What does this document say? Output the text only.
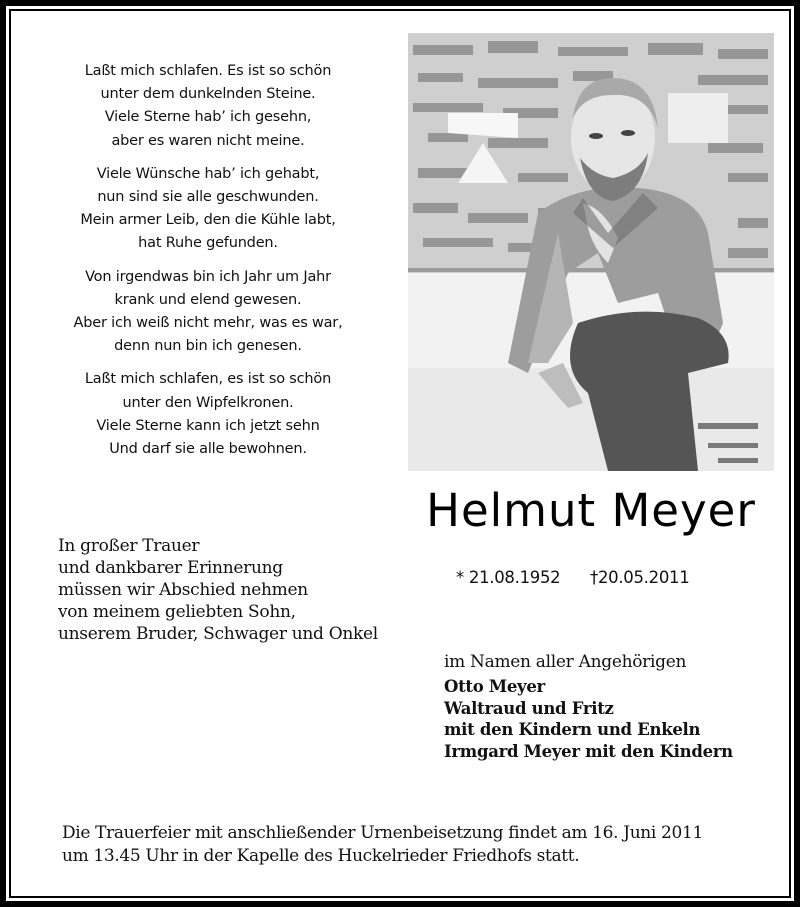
Laßt mich schlafen. Es ist so schön
unter dem dunkelnden Steine.
Viele Sterne hab’ ich gesehn,
aber es waren nicht meine.
Viele Wünsche hab’ ich gehabt,
nun sind sie alle geschwunden.
Mein armer Leib, den die Kühle labt,
hat Ruhe gefunden.
Von irgendwas bin ich Jahr um Jahr
krank und elend gewesen.
Aber ich weiß nicht mehr, was es war,
denn nun bin ich genesen.
Laßt mich schlafen, es ist so schön
unter den Wipfelkronen.
Viele Sterne kann ich jetzt sehn
Und darf sie alle bewohnen.
Helmut Meyer
* 21.08.1952 †20.05.2011
In großer Trauer
und dankbarer Erinnerung
müssen wir Abschied nehmen
von meinem geliebten Sohn,
unserem Bruder, Schwager und Onkel
im Namen aller Angehörigen
Otto Meyer
Waltraud und Fritz
mit den Kindern und Enkeln
Irmgard Meyer mit den Kindern
Die Trauerfeier mit anschließender Urnenbeisetzung findet am 16. Juni 2011
um 13.45 Uhr in der Kapelle des Huckelrieder Friedhofs statt.
